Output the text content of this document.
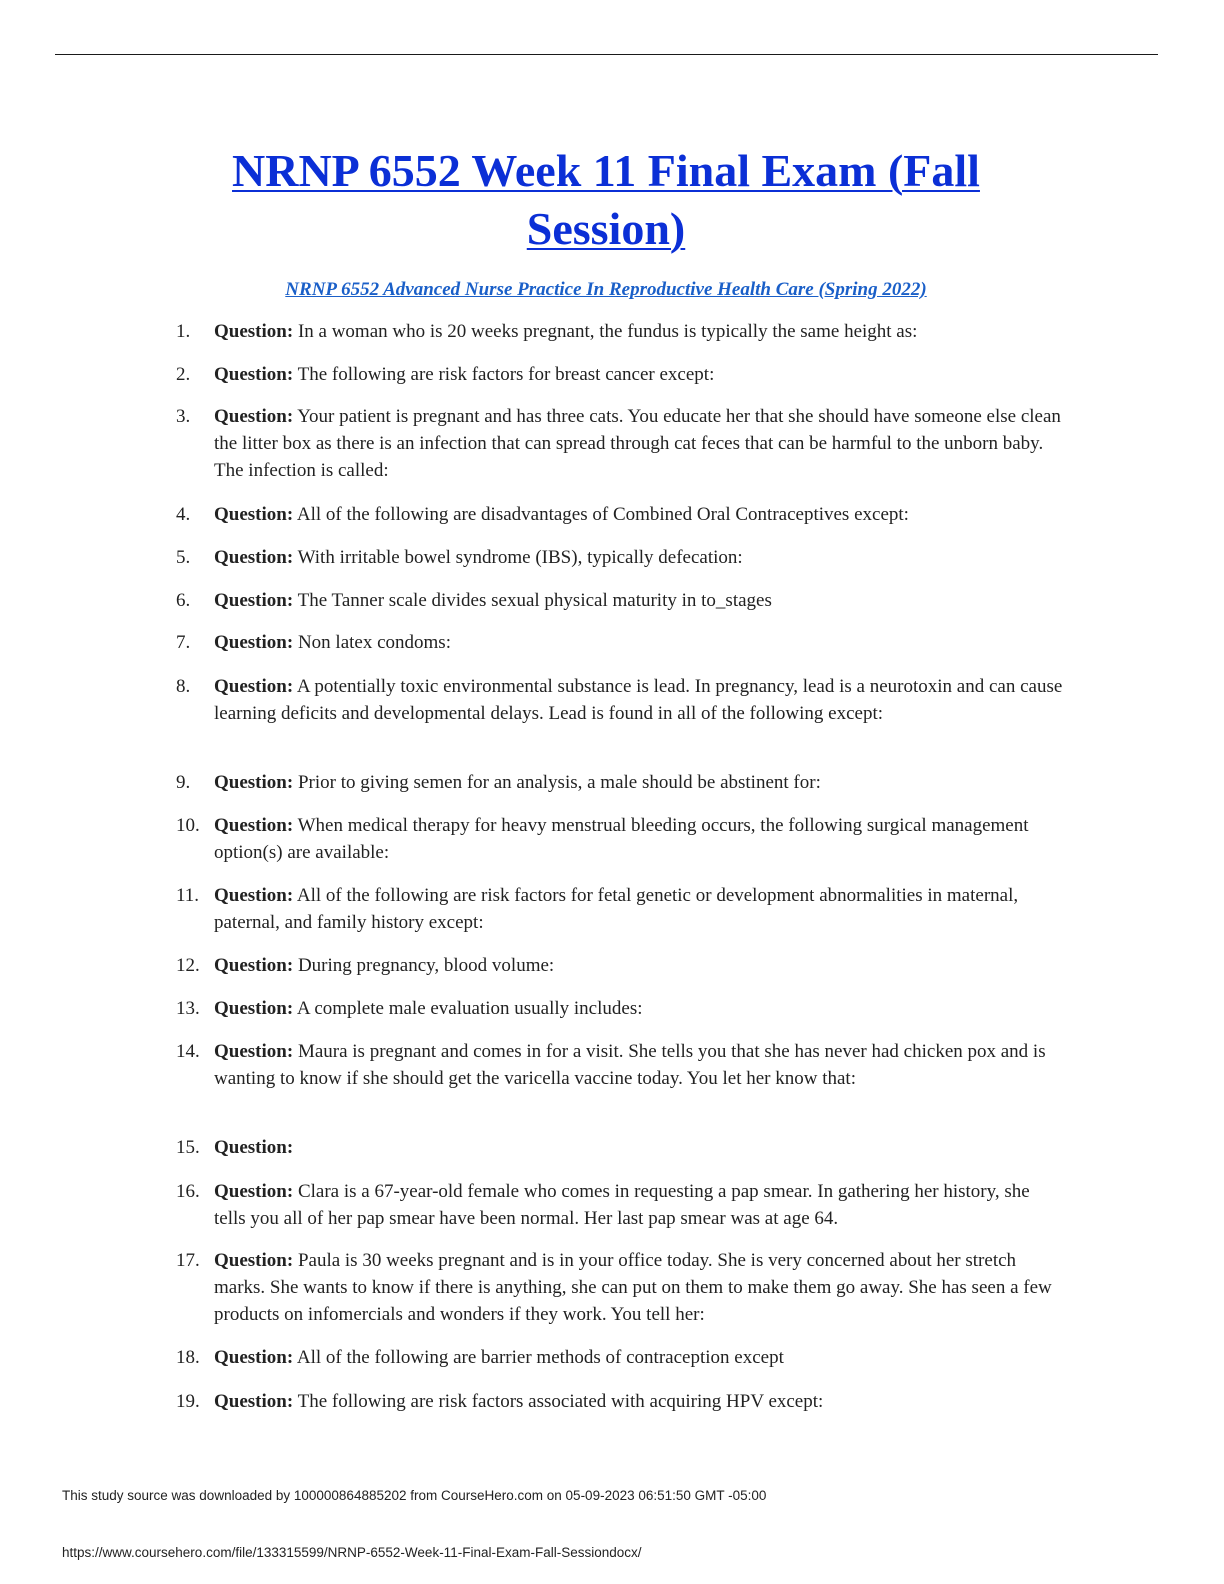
NRNP 6552 Week 11 Final Exam (Fall Session)

NRNP 6552 Advanced Nurse Practice In Reproductive Health Care (Spring 2022)

1.	Question: In a woman who is 20 weeks pregnant, the fundus is typically the same height as:
2.	Question: The following are risk factors for breast cancer except:
3.	Question: Your patient is pregnant and has three cats. You educate her that she should have someone else clean the litter box as there is an infection that can spread through cat feces that can be harmful to the unborn baby. The infection is called:
4.	Question: All of the following are disadvantages of Combined Oral Contraceptives except:
5.	Question: With irritable bowel syndrome (IBS), typically defecation:
6.	Question: The Tanner scale divides sexual physical maturity in to_stages
7.	Question: Non latex condoms:
8.	Question: A potentially toxic environmental substance is lead. In pregnancy, lead is a neurotoxin and can cause learning deficits and developmental delays. Lead is found in all of the following except:
9.	Question: Prior to giving semen for an analysis, a male should be abstinent for:
10. Question: When medical therapy for heavy menstrual bleeding occurs, the following surgical management option(s) are available:
11. Question: All of the following are risk factors for fetal genetic or development abnormalities in maternal, paternal, and family history except:
12. Question: During pregnancy, blood volume:
13. Question: A complete male evaluation usually includes:
14. Question: Maura is pregnant and comes in for a visit. She tells you that she has never had chicken pox and is wanting to know if she should get the varicella vaccine today. You let her know that:
15. Question:
16. Question: Clara is a 67-year-old female who comes in requesting a pap smear. In gathering her history, she tells you all of her pap smear have been normal. Her last pap smear was at age 64.
17. Question: Paula is 30 weeks pregnant and is in your office today. She is very concerned about her stretch marks. She wants to know if there is anything, she can put on them to make them go away. She has seen a few products on infomercials and wonders if they work. You tell her:
18. Question: All of the following are barrier methods of contraception except
19. Question: The following are risk factors associated with acquiring HPV except:
This study source was downloaded by 100000864885202 from CourseHero.com on 05-09-2023 06:51:50 GMT -05:00
https://www.coursehero.com/file/133315599/NRNP-6552-Week-11-Final-Exam-Fall-Sessiondocx/
